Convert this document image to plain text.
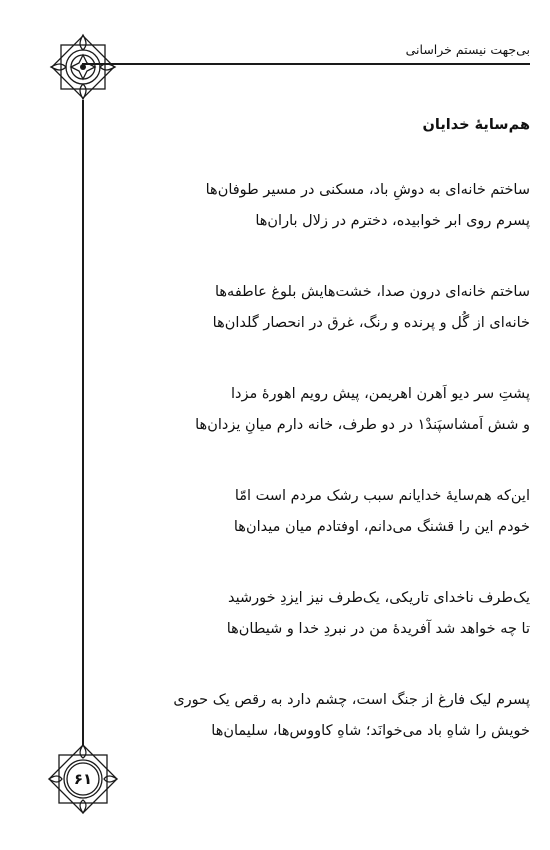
بی‌جهت نیستم خراسانی
هم‌سایهٔ خدایان
ساختم خانه‌ای به دوشِ باد، مسکنی در مسیر طوفان‌ها
پسرم روی ابر خوابیده، دخترم در زلال باران‌ها
ساختم خانه‌ای درون صدا، خشت‌هایش بلوغ عاطفه‌ها
خانه‌ای از گُل و پرنده و رنگ، غرق در انحصار گلدان‌ها
پشتِ سر دیو اَهرن اهریمن، پیش رویم اهورهٔ مزدا
و شش اَمشاسپَندْ۱ در دو طرف، خانه دارم میانِ یزدان‌ها
این‌که هم‌سایهٔ خدایانم سبب رشک مردم است امّا
خودم این را قشنگ می‌دانم، اوفتادم میان میدان‌ها
یک‌طرف ناخدای تاریکی، یک‌طرف نیز ایزدِ خورشید
تا چه خواهد شد آفریدهٔ من در نبردِ خدا و شیطان‌ها
پسرم لیک فارغ از جنگ است، چشم دارد به رقص یک حوری
خویش را شاهِ باد می‌خوانَد؛ شاهِ کاووس‌ها، سلیمان‌ها
۶۱
